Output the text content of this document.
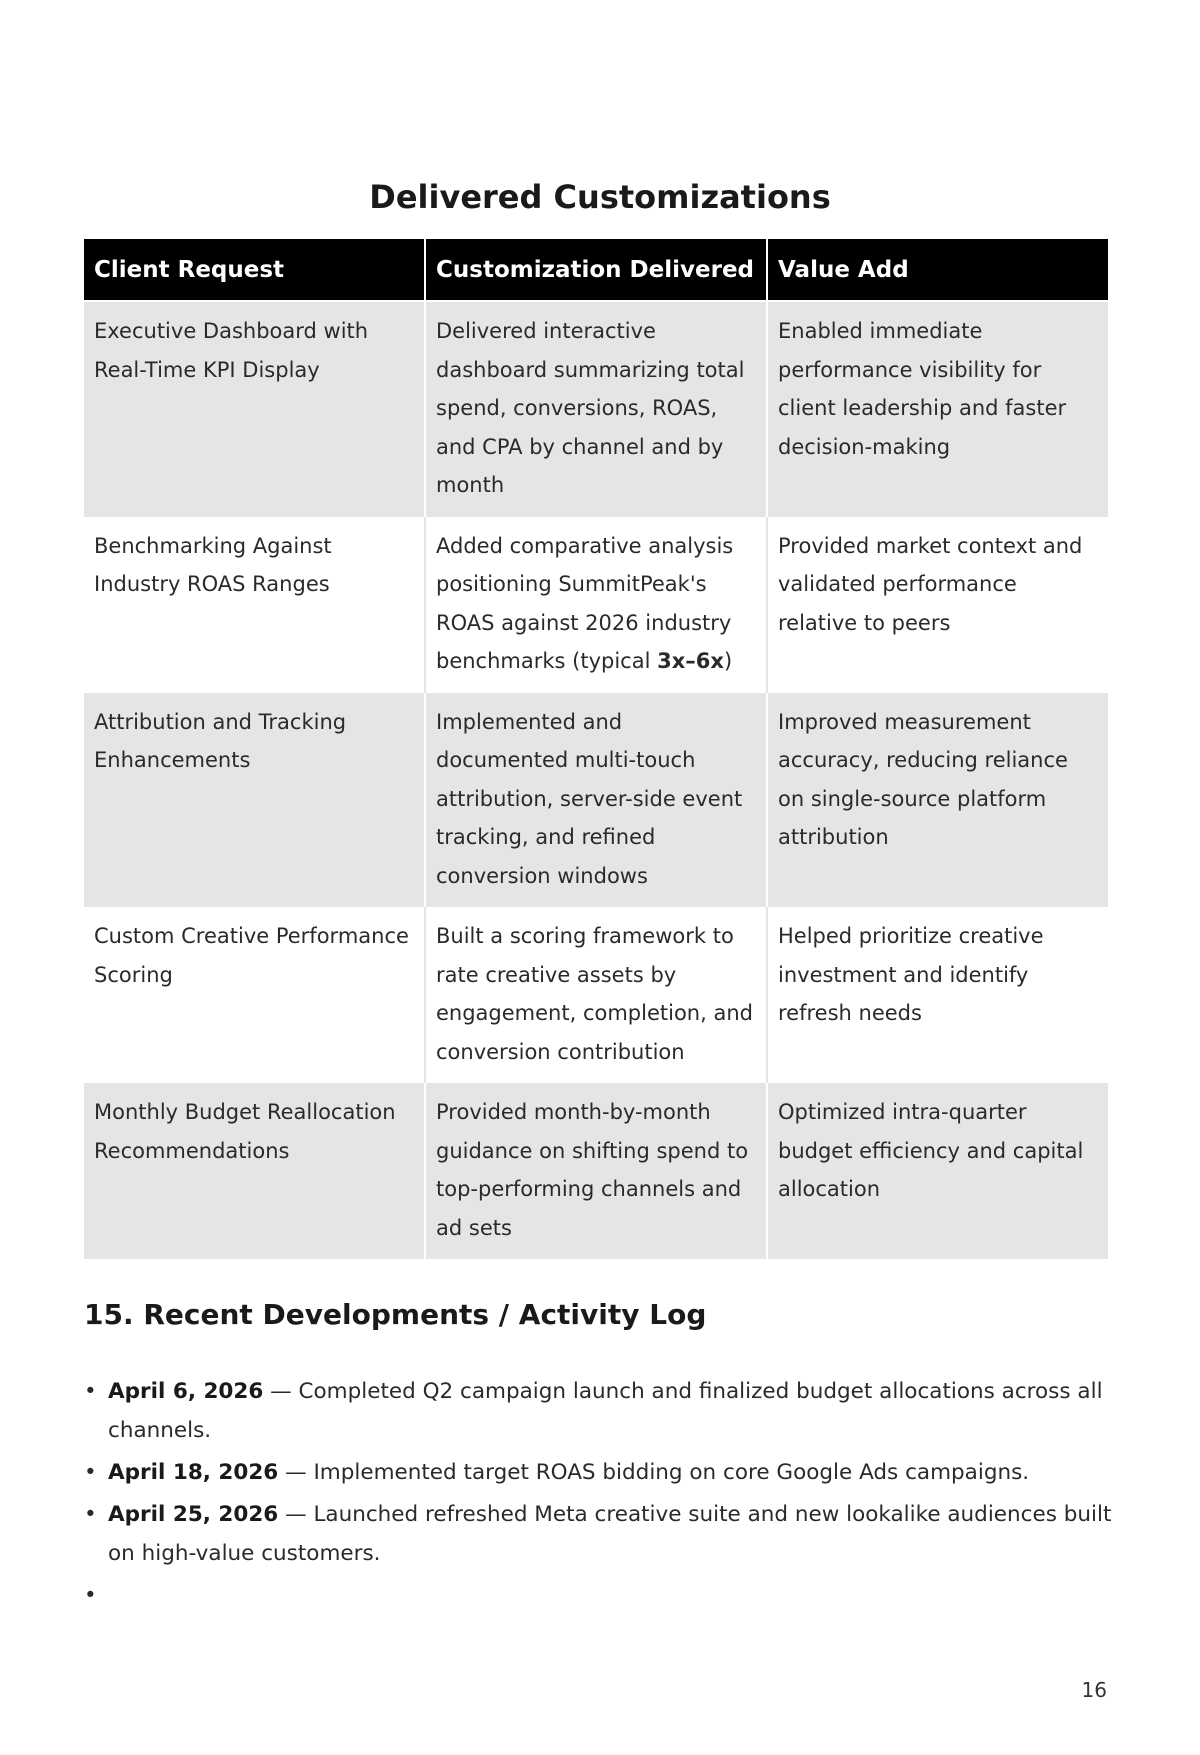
Delivered Customizations
Client Request	Customization Delivered	Value Add
Executive Dashboard with Real-Time KPI Display	Delivered interactive dashboard summarizing total spend, conversions, ROAS, and CPA by channel and by month	Enabled immediate performance visibility for client leadership and faster decision-making
Benchmarking Against Industry ROAS Ranges	Added comparative analysis positioning SummitPeak's ROAS against 2026 industry benchmarks (typical 3x–6x)	Provided market context and validated performance relative to peers
Attribution and Tracking Enhancements	Implemented and documented multi-touch attribution, server-side event tracking, and refined conversion windows	Improved measurement accuracy, reducing reliance on single-source platform attribution
Custom Creative Performance Scoring	Built a scoring framework to rate creative assets by engagement, completion, and conversion contribution	Helped prioritize creative investment and identify refresh needs
Monthly Budget Reallocation Recommendations	Provided month-by-month guidance on shifting spend to top-performing channels and ad sets	Optimized intra-quarter budget efficiency and capital allocation
15. Recent Developments / Activity Log
• April 6, 2026 — Completed Q2 campaign launch and finalized budget allocations across all channels.
• April 18, 2026 — Implemented target ROAS bidding on core Google Ads campaigns.
• April 25, 2026 — Launched refreshed Meta creative suite and new lookalike audiences built on high-value customers.
•

16
